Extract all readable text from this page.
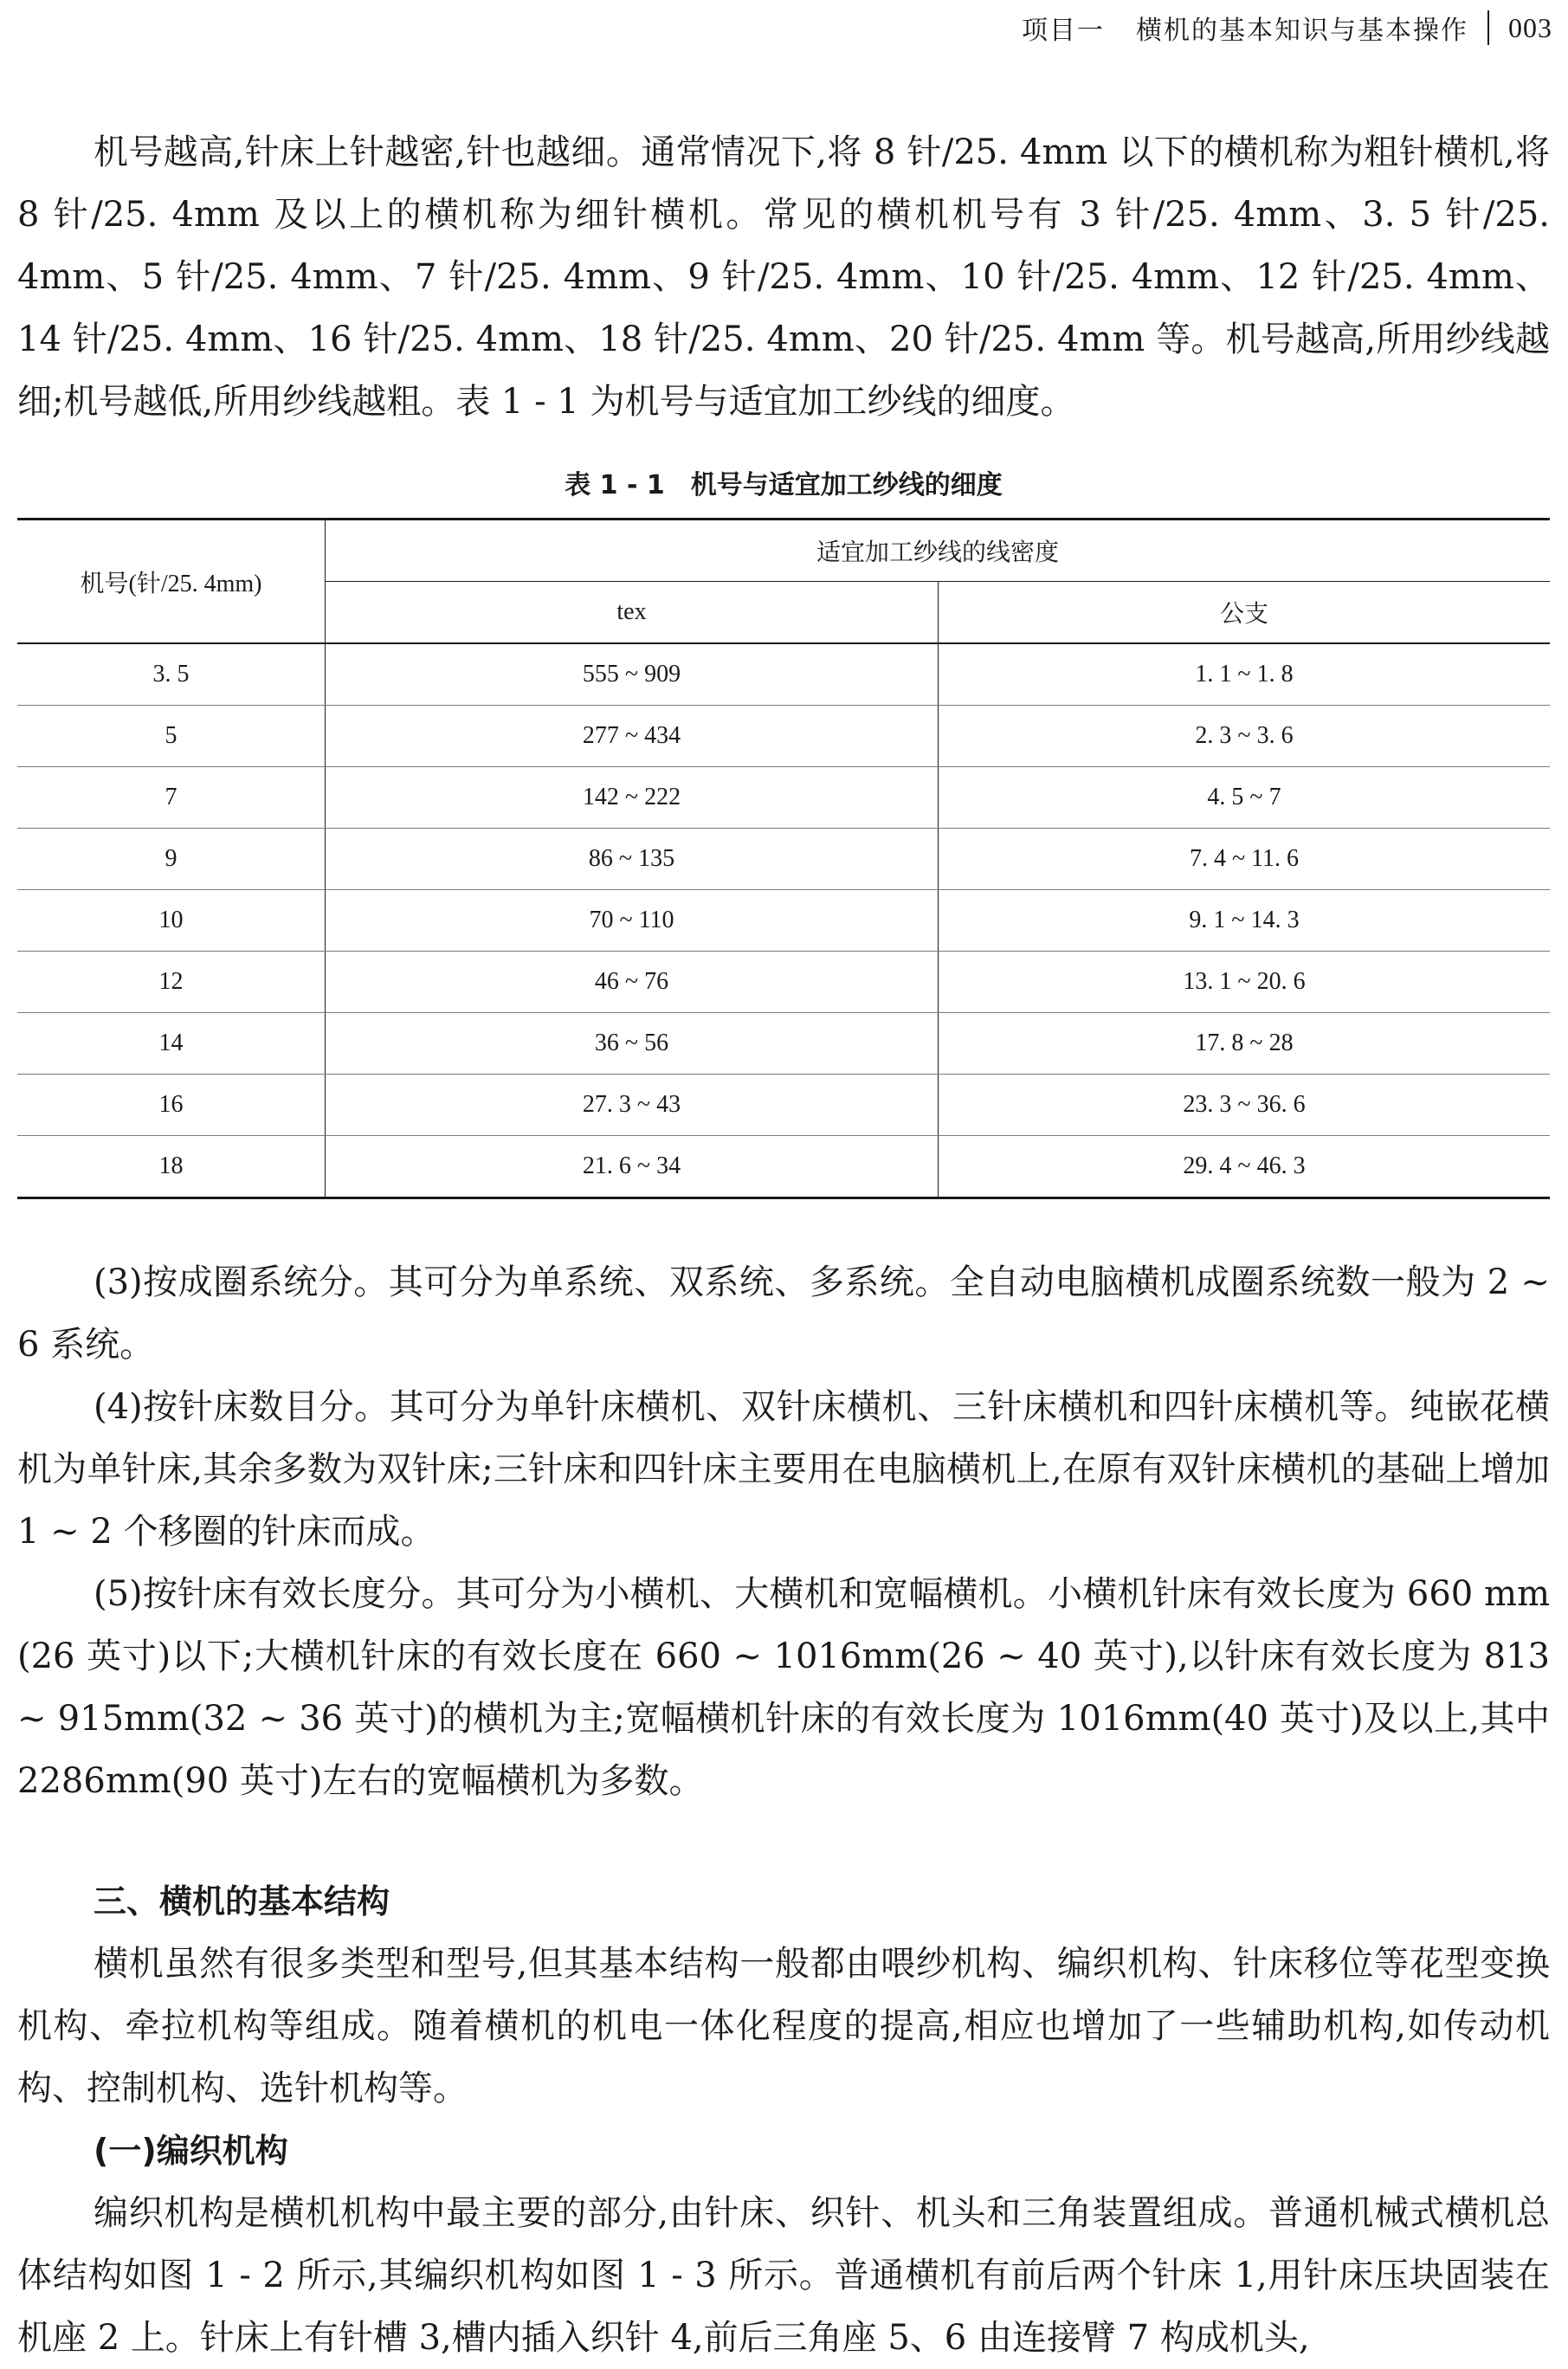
项目一 横机的基本知识与基本操作 003

机号越高,针床上针越密,针也越细。通常情况下,将 8 针/25. 4mm 以下的横机称为粗针横机,将 8 针/25. 4mm 及以上的横机称为细针横机。常见的横机机号有 3 针/25. 4mm、3. 5 针/25. 4mm、5 针/25. 4mm、7 针/25. 4mm、9 针/25. 4mm、10 针/25. 4mm、12 针/25. 4mm、14 针/25. 4mm、16 针/25. 4mm、18 针/25. 4mm、20 针/25. 4mm 等。机号越高,所用纱线越细;机号越低,所用纱线越粗。表 1 - 1 为机号与适宜加工纱线的细度。

表 1 - 1　机号与适宜加工纱线的细度
机号(针/25. 4mm)	适宜加工纱线的线密度	
	tex	公支
3. 5	555 ~ 909	1. 1 ~ 1. 8
5	277 ~ 434	2. 3 ~ 3. 6
7	142 ~ 222	4. 5 ~ 7
9	86 ~ 135	7. 4 ~ 11. 6
10	70 ~ 110	9. 1 ~ 14. 3
12	46 ~ 76	13. 1 ~ 20. 6
14	36 ~ 56	17. 8 ~ 28
16	27. 3 ~ 43	23. 3 ~ 36. 6
18	21. 6 ~ 34	29. 4 ~ 46. 3

(3)按成圈系统分。其可分为单系统、双系统、多系统。全自动电脑横机成圈系统数一般为 2 ~ 6 系统。

(4)按针床数目分。其可分为单针床横机、双针床横机、三针床横机和四针床横机等。纯嵌花横机为单针床,其余多数为双针床;三针床和四针床主要用在电脑横机上,在原有双针床横机的基础上增加 1 ~ 2 个移圈的针床而成。

(5)按针床有效长度分。其可分为小横机、大横机和宽幅横机。小横机针床有效长度为 660 mm (26 英寸)以下;大横机针床的有效长度在 660 ~ 1016mm(26 ~ 40 英寸),以针床有效长度为 813 ~ 915mm(32 ~ 36 英寸)的横机为主;宽幅横机针床的有效长度为 1016mm(40 英寸)及以上,其中 2286mm(90 英寸)左右的宽幅横机为多数。

三、横机的基本结构

横机虽然有很多类型和型号,但其基本结构一般都由喂纱机构、编织机构、针床移位等花型变换机构、牵拉机构等组成。随着横机的机电一体化程度的提高,相应也增加了一些辅助机构,如传动机构、控制机构、选针机构等。

(一)编织机构

编织机构是横机机构中最主要的部分,由针床、织针、机头和三角装置组成。普通机械式横机总体结构如图 1 - 2 所示,其编织机构如图 1 - 3 所示。普通横机有前后两个针床 1,用针床压块固装在机座 2 上。针床上有针槽 3,槽内插入织针 4,前后三角座 5、6 由连接臂 7 构成机头,
